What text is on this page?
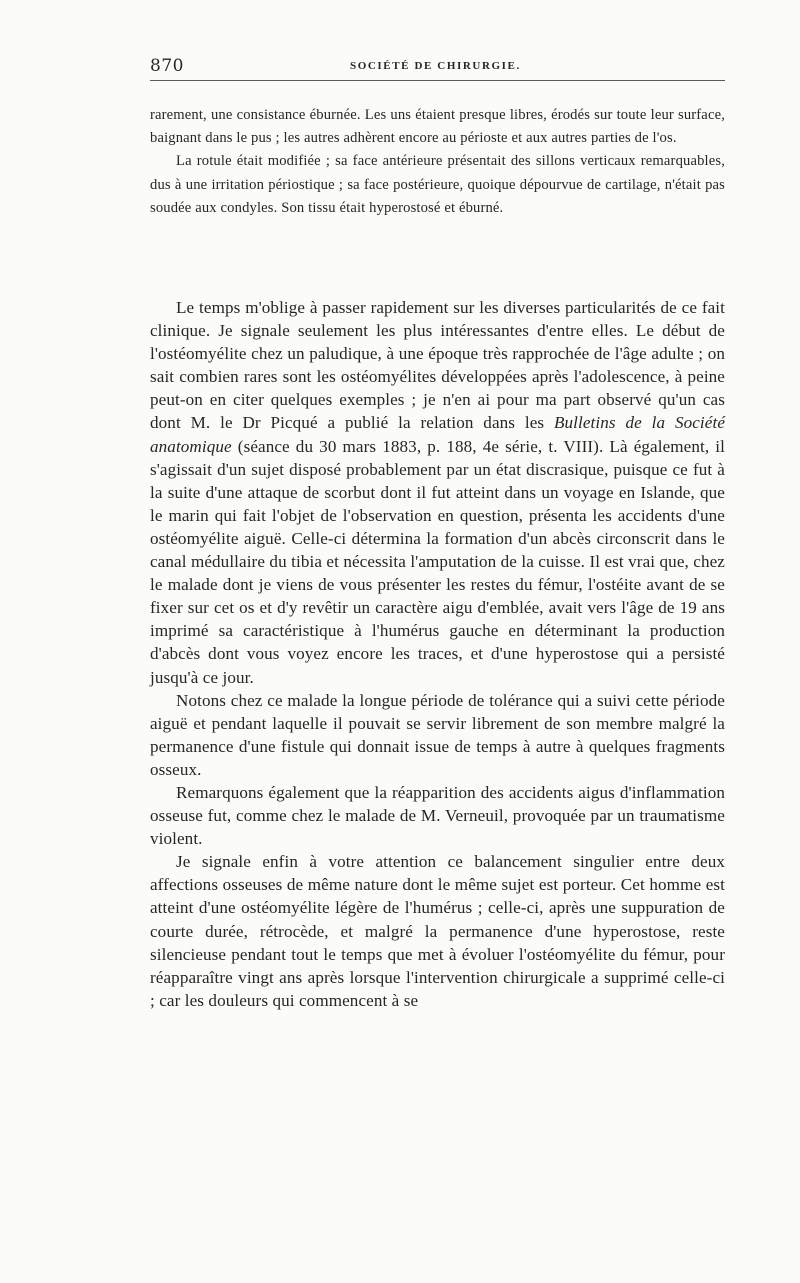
870	SOCIÉTÉ DE CHIRURGIE.

rarement, une consistance éburnée. Les uns étaient presque libres, érodés sur toute leur surface, baignant dans le pus ; les autres adhèrent encore au périoste et aux autres parties de l'os.

La rotule était modifiée ; sa face antérieure présentait des sillons verticaux remarquables, dus à une irritation périostique ; sa face postérieure, quoique dépourvue de cartilage, n'était pas soudée aux condyles. Son tissu était hyperostosé et éburné.

Le temps m'oblige à passer rapidement sur les diverses particularités de ce fait clinique. Je signale seulement les plus intéressantes d'entre elles. Le début de l'ostéomyélite chez un paludique, à une époque très rapprochée de l'âge adulte ; on sait combien rares sont les ostéomyélites développées après l'adolescence, à peine peut-on en citer quelques exemples ; je n'en ai pour ma part observé qu'un cas dont M. le Dr Picqué a publié la relation dans les Bulletins de la Société anatomique (séance du 30 mars 1883, p. 188, 4e série, t. VIII). Là également, il s'agissait d'un sujet disposé probablement par un état discrasique, puisque ce fut à la suite d'une attaque de scorbut dont il fut atteint dans un voyage en Islande, que le marin qui fait l'objet de l'observation en question, présenta les accidents d'une ostéomyélite aiguë. Celle-ci détermina la formation d'un abcès circonscrit dans le canal médullaire du tibia et nécessita l'amputation de la cuisse. Il est vrai que, chez le malade dont je viens de vous présenter les restes du fémur, l'ostéite avant de se fixer sur cet os et d'y revêtir un caractère aigu d'emblée, avait vers l'âge de 19 ans imprimé sa caractéristique à l'humérus gauche en déterminant la production d'abcès dont vous voyez encore les traces, et d'une hyperostose qui a persisté jusqu'à ce jour.

Notons chez ce malade la longue période de tolérance qui a suivi cette période aiguë et pendant laquelle il pouvait se servir librement de son membre malgré la permanence d'une fistule qui donnait issue de temps à autre à quelques fragments osseux.

Remarquons également que la réapparition des accidents aigus d'inflammation osseuse fut, comme chez le malade de M. Verneuil, provoquée par un traumatisme violent.

Je signale enfin à votre attention ce balancement singulier entre deux affections osseuses de même nature dont le même sujet est porteur. Cet homme est atteint d'une ostéomyélite légère de l'humérus ; celle-ci, après une suppuration de courte durée, rétrocède, et malgré la permanence d'une hyperostose, reste silencieuse pendant tout le temps que met à évoluer l'ostéomyélite du fémur, pour réapparaître vingt ans après lorsque l'intervention chirurgicale a supprimé celle-ci ; car les douleurs qui commencent à se
